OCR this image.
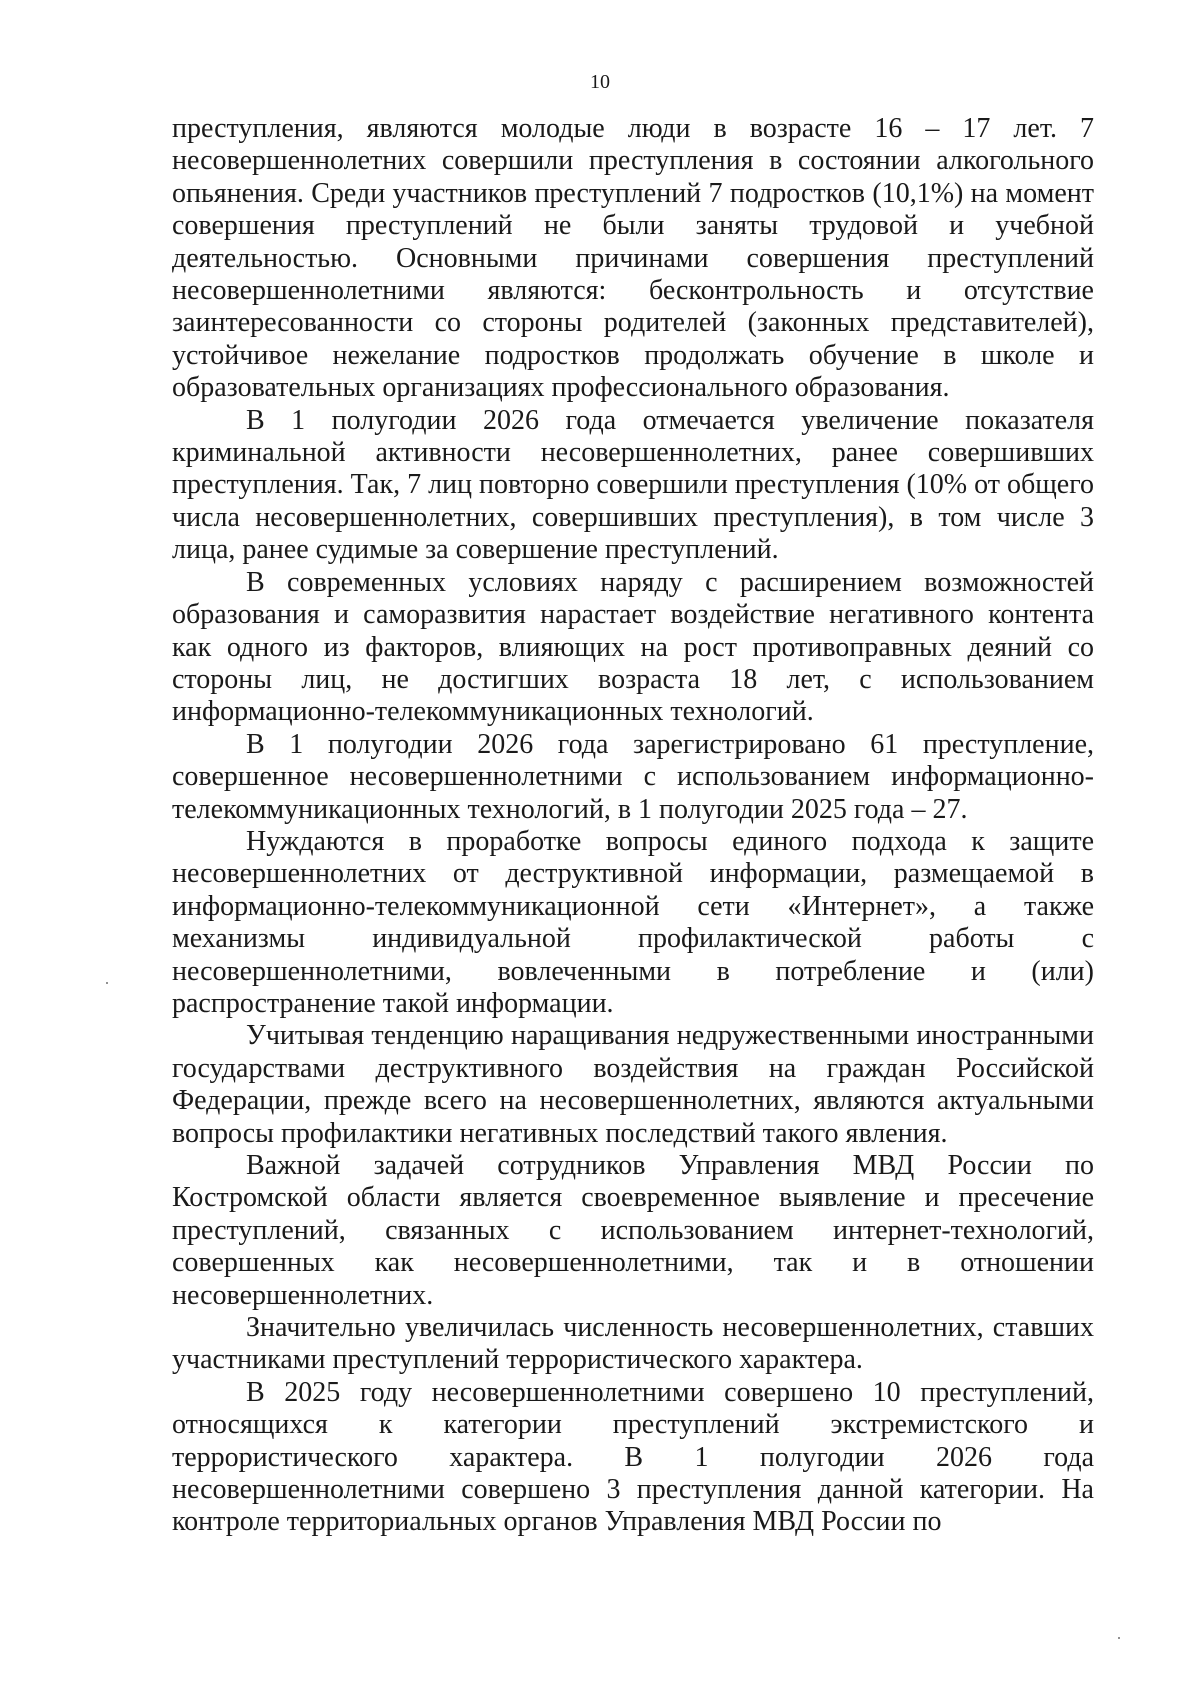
10

преступления, являются молодые люди в возрасте 16 – 17 лет. 7 несовершеннолетних совершили преступления в состоянии алкогольного опьянения. Среди участников преступлений 7 подростков (10,1%) на момент совершения преступлений не были заняты трудовой и учебной деятельностью. Основными причинами совершения преступлений несовершеннолетними являются: бесконтрольность и отсутствие заинтересованности со стороны родителей (законных представителей), устойчивое нежелание подростков продолжать обучение в школе и образовательных организациях профессионального образования.

В 1 полугодии 2026 года отмечается увеличение показателя криминальной активности несовершеннолетних, ранее совершивших преступления. Так, 7 лиц повторно совершили преступления (10% от общего числа несовершеннолетних, совершивших преступления), в том числе 3 лица, ранее судимые за совершение преступлений.

В современных условиях наряду с расширением возможностей образования и саморазвития нарастает воздействие негативного контента как одного из факторов, влияющих на рост противоправных деяний со стороны лиц, не достигших возраста 18 лет, с использованием информационно-телекоммуникационных технологий.

В 1 полугодии 2026 года зарегистрировано 61 преступление, совершенное несовершеннолетними с использованием информационно-телекоммуникационных технологий, в 1 полугодии 2025 года – 27.

Нуждаются в проработке вопросы единого подхода к защите несовершеннолетних от деструктивной информации, размещаемой в информационно-телекоммуникационной сети «Интернет», а также механизмы индивидуальной профилактической работы с несовершеннолетними, вовлеченными в потребление и (или) распространение такой информации.

Учитывая тенденцию наращивания недружественными иностранными государствами деструктивного воздействия на граждан Российской Федерации, прежде всего на несовершеннолетних, являются актуальными вопросы профилактики негативных последствий такого явления.

Важной задачей сотрудников Управления МВД России по Костромской области является своевременное выявление и пресечение преступлений, связанных с использованием интернет-технологий, совершенных как несовершеннолетними, так и в отношении несовершеннолетних.

Значительно увеличилась численность несовершеннолетних, ставших участниками преступлений террористического характера.

В 2025 году несовершеннолетними совершено 10 преступлений, относящихся к категории преступлений экстремистского и террористического характера. В 1 полугодии 2026 года несовершеннолетними совершено 3 преступления данной категории. На контроле территориальных органов Управления МВД России по
